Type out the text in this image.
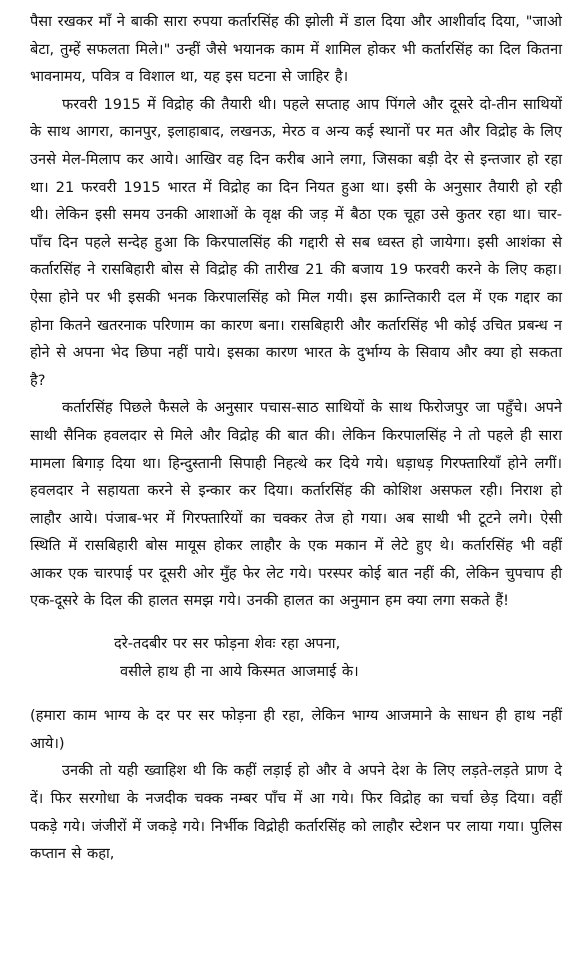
पैसा रखकर माँ ने बाकी सारा रुपया कर्तारसिंह की झोली में डाल दिया और आशीर्वाद दिया, "जाओ बेटा, तुम्हें सफलता मिले।" उन्हीं जैसे भयानक काम में शामिल होकर भी कर्तारसिंह का दिल कितना भावनामय, पवित्र व विशाल था, यह इस घटना से जाहिर है।

फरवरी 1915 में विद्रोह की तैयारी थी। पहले सप्ताह आप पिंगले और दूसरे दो-तीन साथियों के साथ आगरा, कानपुर, इलाहाबाद, लखनऊ, मेरठ व अन्य कई स्थानों पर मत और विद्रोह के लिए उनसे मेल-मिलाप कर आये। आखिर वह दिन करीब आने लगा, जिसका बड़ी देर से इन्तजार हो रहा था। 21 फरवरी 1915 भारत में विद्रोह का दिन नियत हुआ था। इसी के अनुसार तैयारी हो रही थी। लेकिन इसी समय उनकी आशाओं के वृक्ष की जड़ में बैठा एक चूहा उसे कुतर रहा था। चार-पाँच दिन पहले सन्देह हुआ कि किरपालसिंह की गद्दारी से सब ध्वस्त हो जायेगा। इसी आशंका से कर्तारसिंह ने रासबिहारी बोस से विद्रोह की तारीख 21 की बजाय 19 फरवरी करने के लिए कहा। ऐसा होने पर भी इसकी भनक किरपालसिंह को मिल गयी। इस क्रान्तिकारी दल में एक गद्दार का होना कितने खतरनाक परिणाम का कारण बना। रासबिहारी और कर्तारसिंह भी कोई उचित प्रबन्ध न होने से अपना भेद छिपा नहीं पाये। इसका कारण भारत के दुर्भाग्य के सिवाय और क्या हो सकता है?

कर्तारसिंह पिछले फैसले के अनुसार पचास-साठ साथियों के साथ फिरोजपुर जा पहुँचे। अपने साथी सैनिक हवलदार से मिले और विद्रोह की बात की। लेकिन किरपालसिंह ने तो पहले ही सारा मामला बिगाड़ दिया था। हिन्दुस्तानी सिपाही निहत्थे कर दिये गये। धड़ाधड़ गिरफ्तारियाँ होने लगीं। हवलदार ने सहायता करने से इन्कार कर दिया। कर्तारसिंह की कोशिश असफल रही। निराश हो लाहौर आये। पंजाब-भर में गिरफ्तारियों का चक्कर तेज हो गया। अब साथी भी टूटने लगे। ऐसी स्थिति में रासबिहारी बोस मायूस होकर लाहौर के एक मकान में लेटे हुए थे। कर्तारसिंह भी वहीं आकर एक चारपाई पर दूसरी ओर मुँह फेर लेट गये। परस्पर कोई बात नहीं की, लेकिन चुपचाप ही एक-दूसरे के दिल की हालत समझ गये। उनकी हालत का अनुमान हम क्या लगा सकते हैं!

दरे-तदबीर पर सर फोड़ना शेवः रहा अपना,
वसीले हाथ ही ना आये किस्मत आजमाई के।

(हमारा काम भाग्य के दर पर सर फोड़ना ही रहा, लेकिन भाग्य आजमाने के साधन ही हाथ नहीं आये।)

उनकी तो यही ख्वाहिश थी कि कहीं लड़ाई हो और वे अपने देश के लिए लड़ते-लड़ते प्राण दे दें। फिर सरगोधा के नजदीक चक्क नम्बर पाँच में आ गये। फिर विद्रोह का चर्चा छेड़ दिया। वहीं पकड़े गये। जंजीरों में जकड़े गये। निर्भीक विद्रोही कर्तारसिंह को लाहौर स्टेशन पर लाया गया। पुलिस कप्तान से कहा,
